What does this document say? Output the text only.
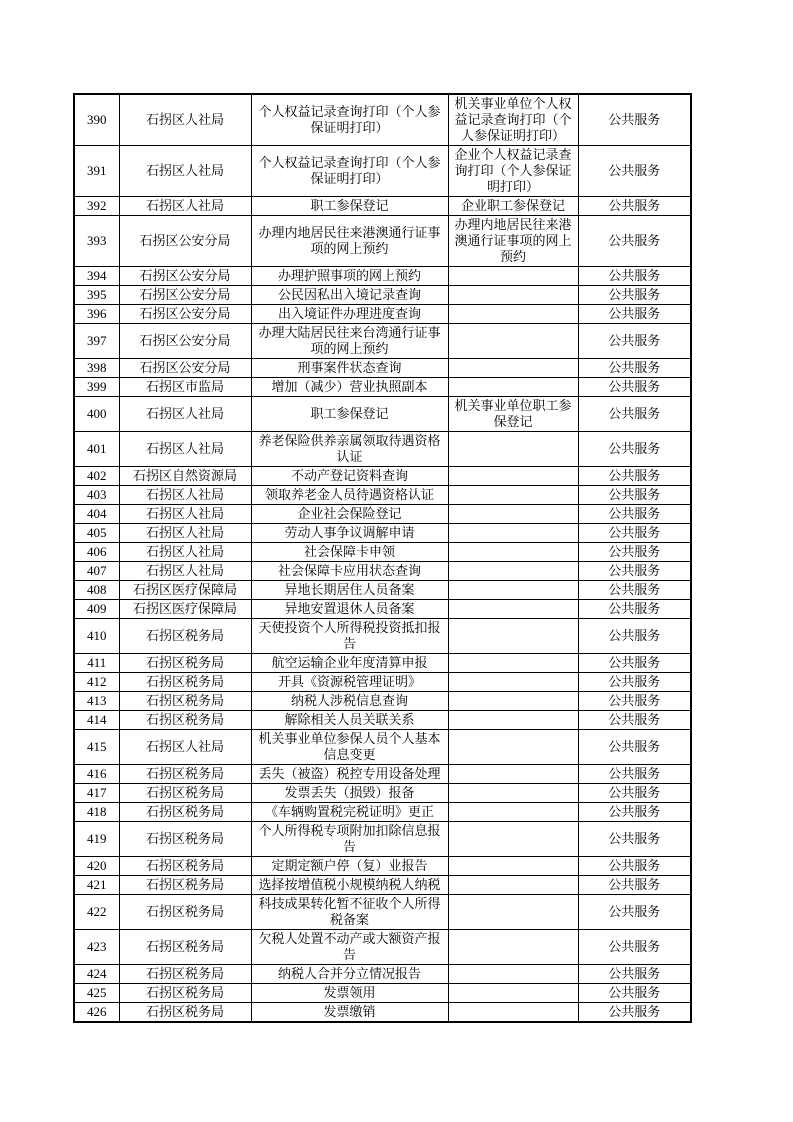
390	石拐区人社局	个人权益记录查询打印（个人参保证明打印）	机关事业单位个人权益记录查询打印（个人参保证明打印）	公共服务
391	石拐区人社局	个人权益记录查询打印（个人参保证明打印）	企业个人权益记录查询打印（个人参保证明打印）	公共服务
392	石拐区人社局	职工参保登记	企业职工参保登记	公共服务
393	石拐区公安分局	办理内地居民往来港澳通行证事项的网上预约	办理内地居民往来港澳通行证事项的网上预约	公共服务
394	石拐区公安分局	办理护照事项的网上预约		公共服务
395	石拐区公安分局	公民因私出入境记录查询		公共服务
396	石拐区公安分局	出入境证件办理进度查询		公共服务
397	石拐区公安分局	办理大陆居民往来台湾通行证事项的网上预约		公共服务
398	石拐区公安分局	刑事案件状态查询		公共服务
399	石拐区市监局	增加（减少）营业执照副本		公共服务
400	石拐区人社局	职工参保登记	机关事业单位职工参保登记	公共服务
401	石拐区人社局	养老保险供养亲属领取待遇资格认证		公共服务
402	石拐区自然资源局	不动产登记资料查询		公共服务
403	石拐区人社局	领取养老金人员待遇资格认证		公共服务
404	石拐区人社局	企业社会保险登记		公共服务
405	石拐区人社局	劳动人事争议调解申请		公共服务
406	石拐区人社局	社会保障卡申领		公共服务
407	石拐区人社局	社会保障卡应用状态查询		公共服务
408	石拐区医疗保障局	异地长期居住人员备案		公共服务
409	石拐区医疗保障局	异地安置退休人员备案		公共服务
410	石拐区税务局	天使投资个人所得税投资抵扣报告		公共服务
411	石拐区税务局	航空运输企业年度清算申报		公共服务
412	石拐区税务局	开具《资源税管理证明》		公共服务
413	石拐区税务局	纳税人涉税信息查询		公共服务
414	石拐区税务局	解除相关人员关联关系		公共服务
415	石拐区人社局	机关事业单位参保人员个人基本信息变更		公共服务
416	石拐区税务局	丢失（被盗）税控专用设备处理		公共服务
417	石拐区税务局	发票丢失（损毁）报备		公共服务
418	石拐区税务局	《车辆购置税完税证明》更正		公共服务
419	石拐区税务局	个人所得税专项附加扣除信息报告		公共服务
420	石拐区税务局	定期定额户停（复）业报告		公共服务
421	石拐区税务局	选择按增值税小规模纳税人纳税		公共服务
422	石拐区税务局	科技成果转化暂不征收个人所得税备案		公共服务
423	石拐区税务局	欠税人处置不动产或大额资产报告		公共服务
424	石拐区税务局	纳税人合并分立情况报告		公共服务
425	石拐区税务局	发票领用		公共服务
426	石拐区税务局	发票缴销		公共服务
